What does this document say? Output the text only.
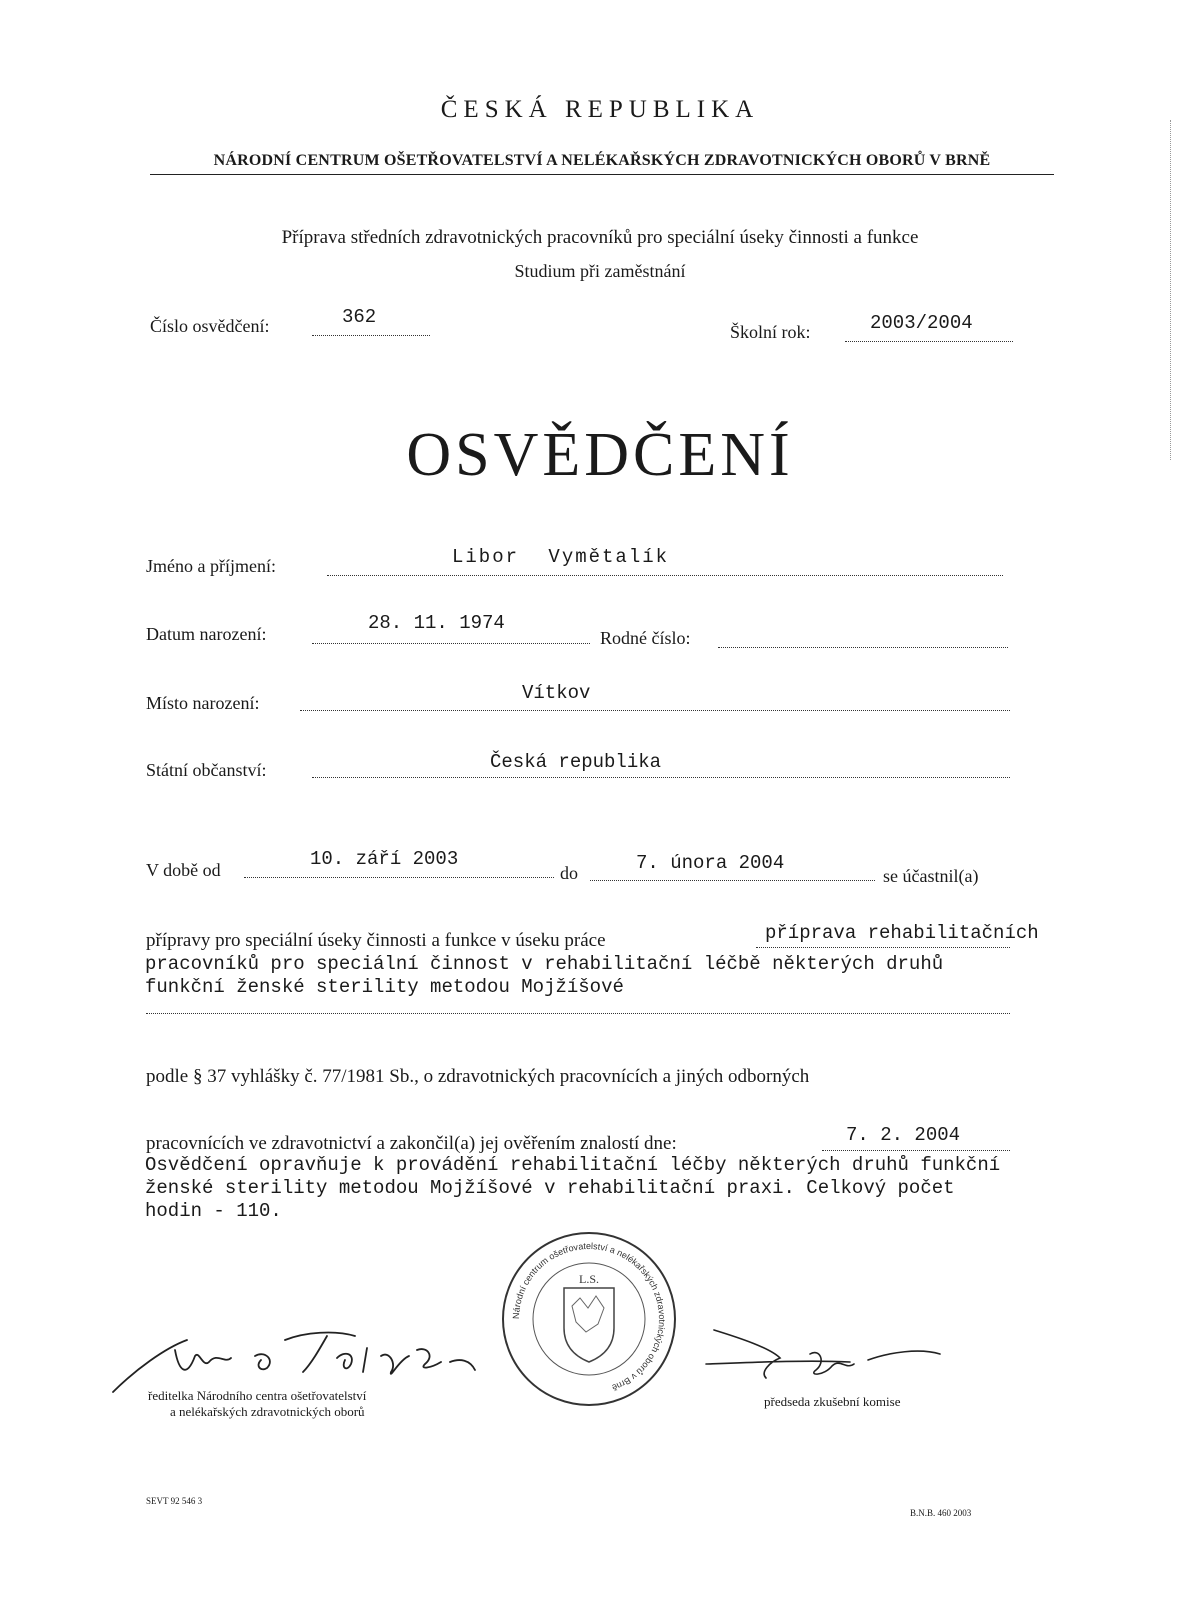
ČESKÁ REPUBLIKA
NÁRODNÍ CENTRUM OŠETŘOVATELSTVÍ A NELÉKAŘSKÝCH ZDRAVOTNICKÝCH OBORŮ V BRNĚ
Příprava středních zdravotnických pracovníků pro speciální úseky činnosti a funkce
Studium při zaměstnání
Číslo osvědčení:	362
Školní rok:	2003/2004
OSVĚDČENÍ
Jméno a příjmení:	Libor Vymětalík
Datum narození:	28. 11. 1974
Rodné číslo:
Místo narození:	Vítkov
Státní občanství:	Česká republika
V době od	10. září 2003
do	7. února 2004
se účastnil(a)
přípravy pro speciální úseky činnosti a funkce v úseku práce	příprava rehabilitačních
pracovníků pro speciální činnost v rehabilitační léčbě některých druhů
funkční ženské sterility metodou Mojžíšové
podle § 37 vyhlášky č. 77/1981 Sb., o zdravotnických pracovnících a jiných odborných
pracovnících ve zdravotnictví a zakončil(a) jej ověřením znalostí dne:	7. 2. 2004
Osvědčení opravňuje k provádění rehabilitační léčby některých druhů funkční
ženské sterility metodou Mojžíšové v rehabilitační praxi. Celkový počet
hodin - 110.
Národní centrum ošetřovatelství a nelékařských zdravotnických oborů v Brně
L.S.
ředitelka Národního centra ošetřovatelství
a nelékařských zdravotnických oborů
předseda zkušební komise
SEVT 92 546 3
B.N.B. 460 2003
